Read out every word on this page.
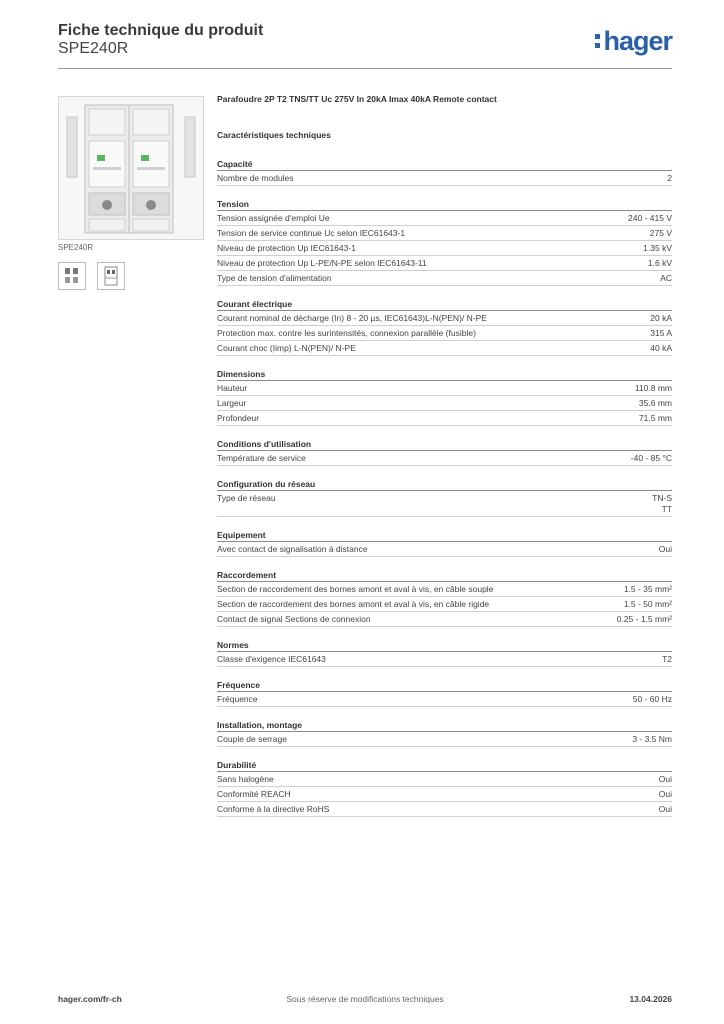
Fiche technique du produit
SPE240R	hager
SPE240R
Parafoudre 2P T2 TNS/TT Uc 275V In 20kA Imax 40kA Remote contact
Caractéristiques techniques
Capacité
Nombre de modules	2
Tension
Tension assignée d'emploi Ue	240 - 415 V
Tension de service continue Uc selon IEC61643-1	275 V
Niveau de protection Up IEC61643-1	1.35 kV
Niveau de protection Up L-PE/N-PE selon IEC61643-11	1.6 kV
Type de tension d'alimentation	AC
Courant électrique
Courant nominal de décharge (In) 8 - 20 µs, IEC61643)L-N(PEN)/ N-PE	20 kA
Protection max. contre les surintensités, connexion parallèle (fusible)	315 A
Courant choc (Iimp) L-N(PEN)/ N-PE	40 kA
Dimensions
Hauteur	110.8 mm
Largeur	35.6 mm
Profondeur	71.5 mm
Conditions d'utilisation
Température de service	-40 - 85 °C
Configuration du réseau
Type de réseau	TN-S
TT
Equipement
Avec contact de signalisation à distance	Oui
Raccordement
Section de raccordement des bornes amont et aval à vis, en câble souple	1.5 - 35 mm²
Section de raccordement des bornes amont et aval à vis, en câble rigide	1.5 - 50 mm²
Contact de signal Sections de connexion	0.25 - 1.5 mm²
Normes
Classe d'exigence IEC61643	T2
Fréquence
Fréquence	50 - 60 Hz
Installation, montage
Couple de serrage	3 - 3.5 Nm
Durabilité
Sans halogène	Oui
Conformité REACH	Oui
Conforme à la directive RoHS	Oui
hager.com/fr-ch	Sous réserve de modifications techniques	13.04.2026
